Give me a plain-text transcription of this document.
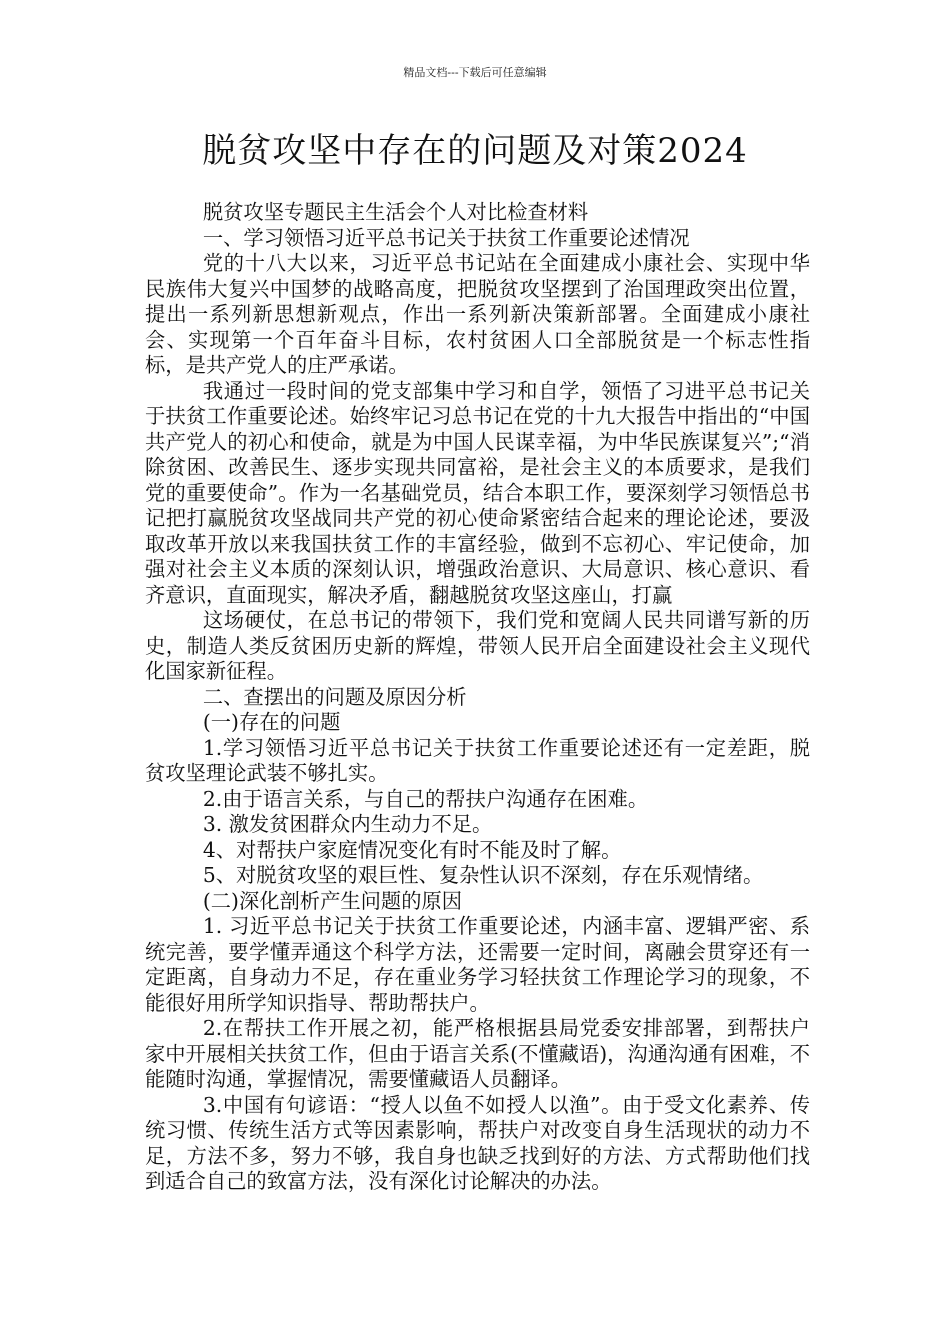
精品文档---下载后可任意编辑
脱贫攻坚中存在的问题及对策2024

脱贫攻坚专题民主生活会个人对比检查材料

一、学习领悟习近平总书记关于扶贫工作重要论述情况

党的十八大以来，习近平总书记站在全面建成小康社会、实现中华民族伟大复兴中国梦的战略高度，把脱贫攻坚摆到了治国理政突出位置，提出一系列新思想新观点，作出一系列新决策新部署。全面建成小康社会、实现第一个百年奋斗目标，农村贫困人口全部脱贫是一个标志性指标，是共产党人的庄严承诺。

我通过一段时间的党支部集中学习和自学，领悟了习进平总书记关于扶贫工作重要论述。始终牢记习总书记在党的十九大报告中指出的“中国共产党人的初心和使命，就是为中国人民谋幸福，为中华民族谋复兴”;“消除贫困、改善民生、逐步实现共同富裕，是社会主义的本质要求，是我们党的重要使命”。作为一名基础党员，结合本职工作，要深刻学习领悟总书记把打赢脱贫攻坚战同共产党的初心使命紧密结合起来的理论论述，要汲取改革开放以来我国扶贫工作的丰富经验，做到不忘初心、牢记使命，加强对社会主义本质的深刻认识，增强政治意识、大局意识、核心意识、看齐意识，直面现实，解决矛盾，翻越脱贫攻坚这座山，打赢

这场硬仗，在总书记的带领下，我们党和宽阔人民共同谱写新的历史，制造人类反贫困历史新的辉煌，带领人民开启全面建设社会主义现代化国家新征程。

二、查摆出的问题及原因分析

(一)存在的问题

1.学习领悟习近平总书记关于扶贫工作重要论述还有一定差距，脱贫攻坚理论武装不够扎实。

2.由于语言关系，与自己的帮扶户沟通存在困难。

3. 激发贫困群众内生动力不足。

4、对帮扶户家庭情况变化有时不能及时了解。

5、对脱贫攻坚的艰巨性、复杂性认识不深刻，存在乐观情绪。

(二)深化剖析产生问题的原因

1. 习近平总书记关于扶贫工作重要论述，内涵丰富、逻辑严密、系统完善，要学懂弄通这个科学方法，还需要一定时间，离融会贯穿还有一定距离，自身动力不足，存在重业务学习轻扶贫工作理论学习的现象，不能很好用所学知识指导、帮助帮扶户。

2.在帮扶工作开展之初，能严格根据县局党委安排部署，到帮扶户家中开展相关扶贫工作，但由于语言关系(不懂藏语)，沟通沟通有困难，不能随时沟通，掌握情况，需要懂藏语人员翻译。

3.中国有句谚语：“授人以鱼不如授人以渔”。由于受文化素养、传统习惯、传统生活方式等因素影响，帮扶户对改变自身生活现状的动力不足，方法不多，努力不够，我自身也缺乏找到好的方法、方式帮助他们找到适合自己的致富方法，没有深化讨论解决的办法。
